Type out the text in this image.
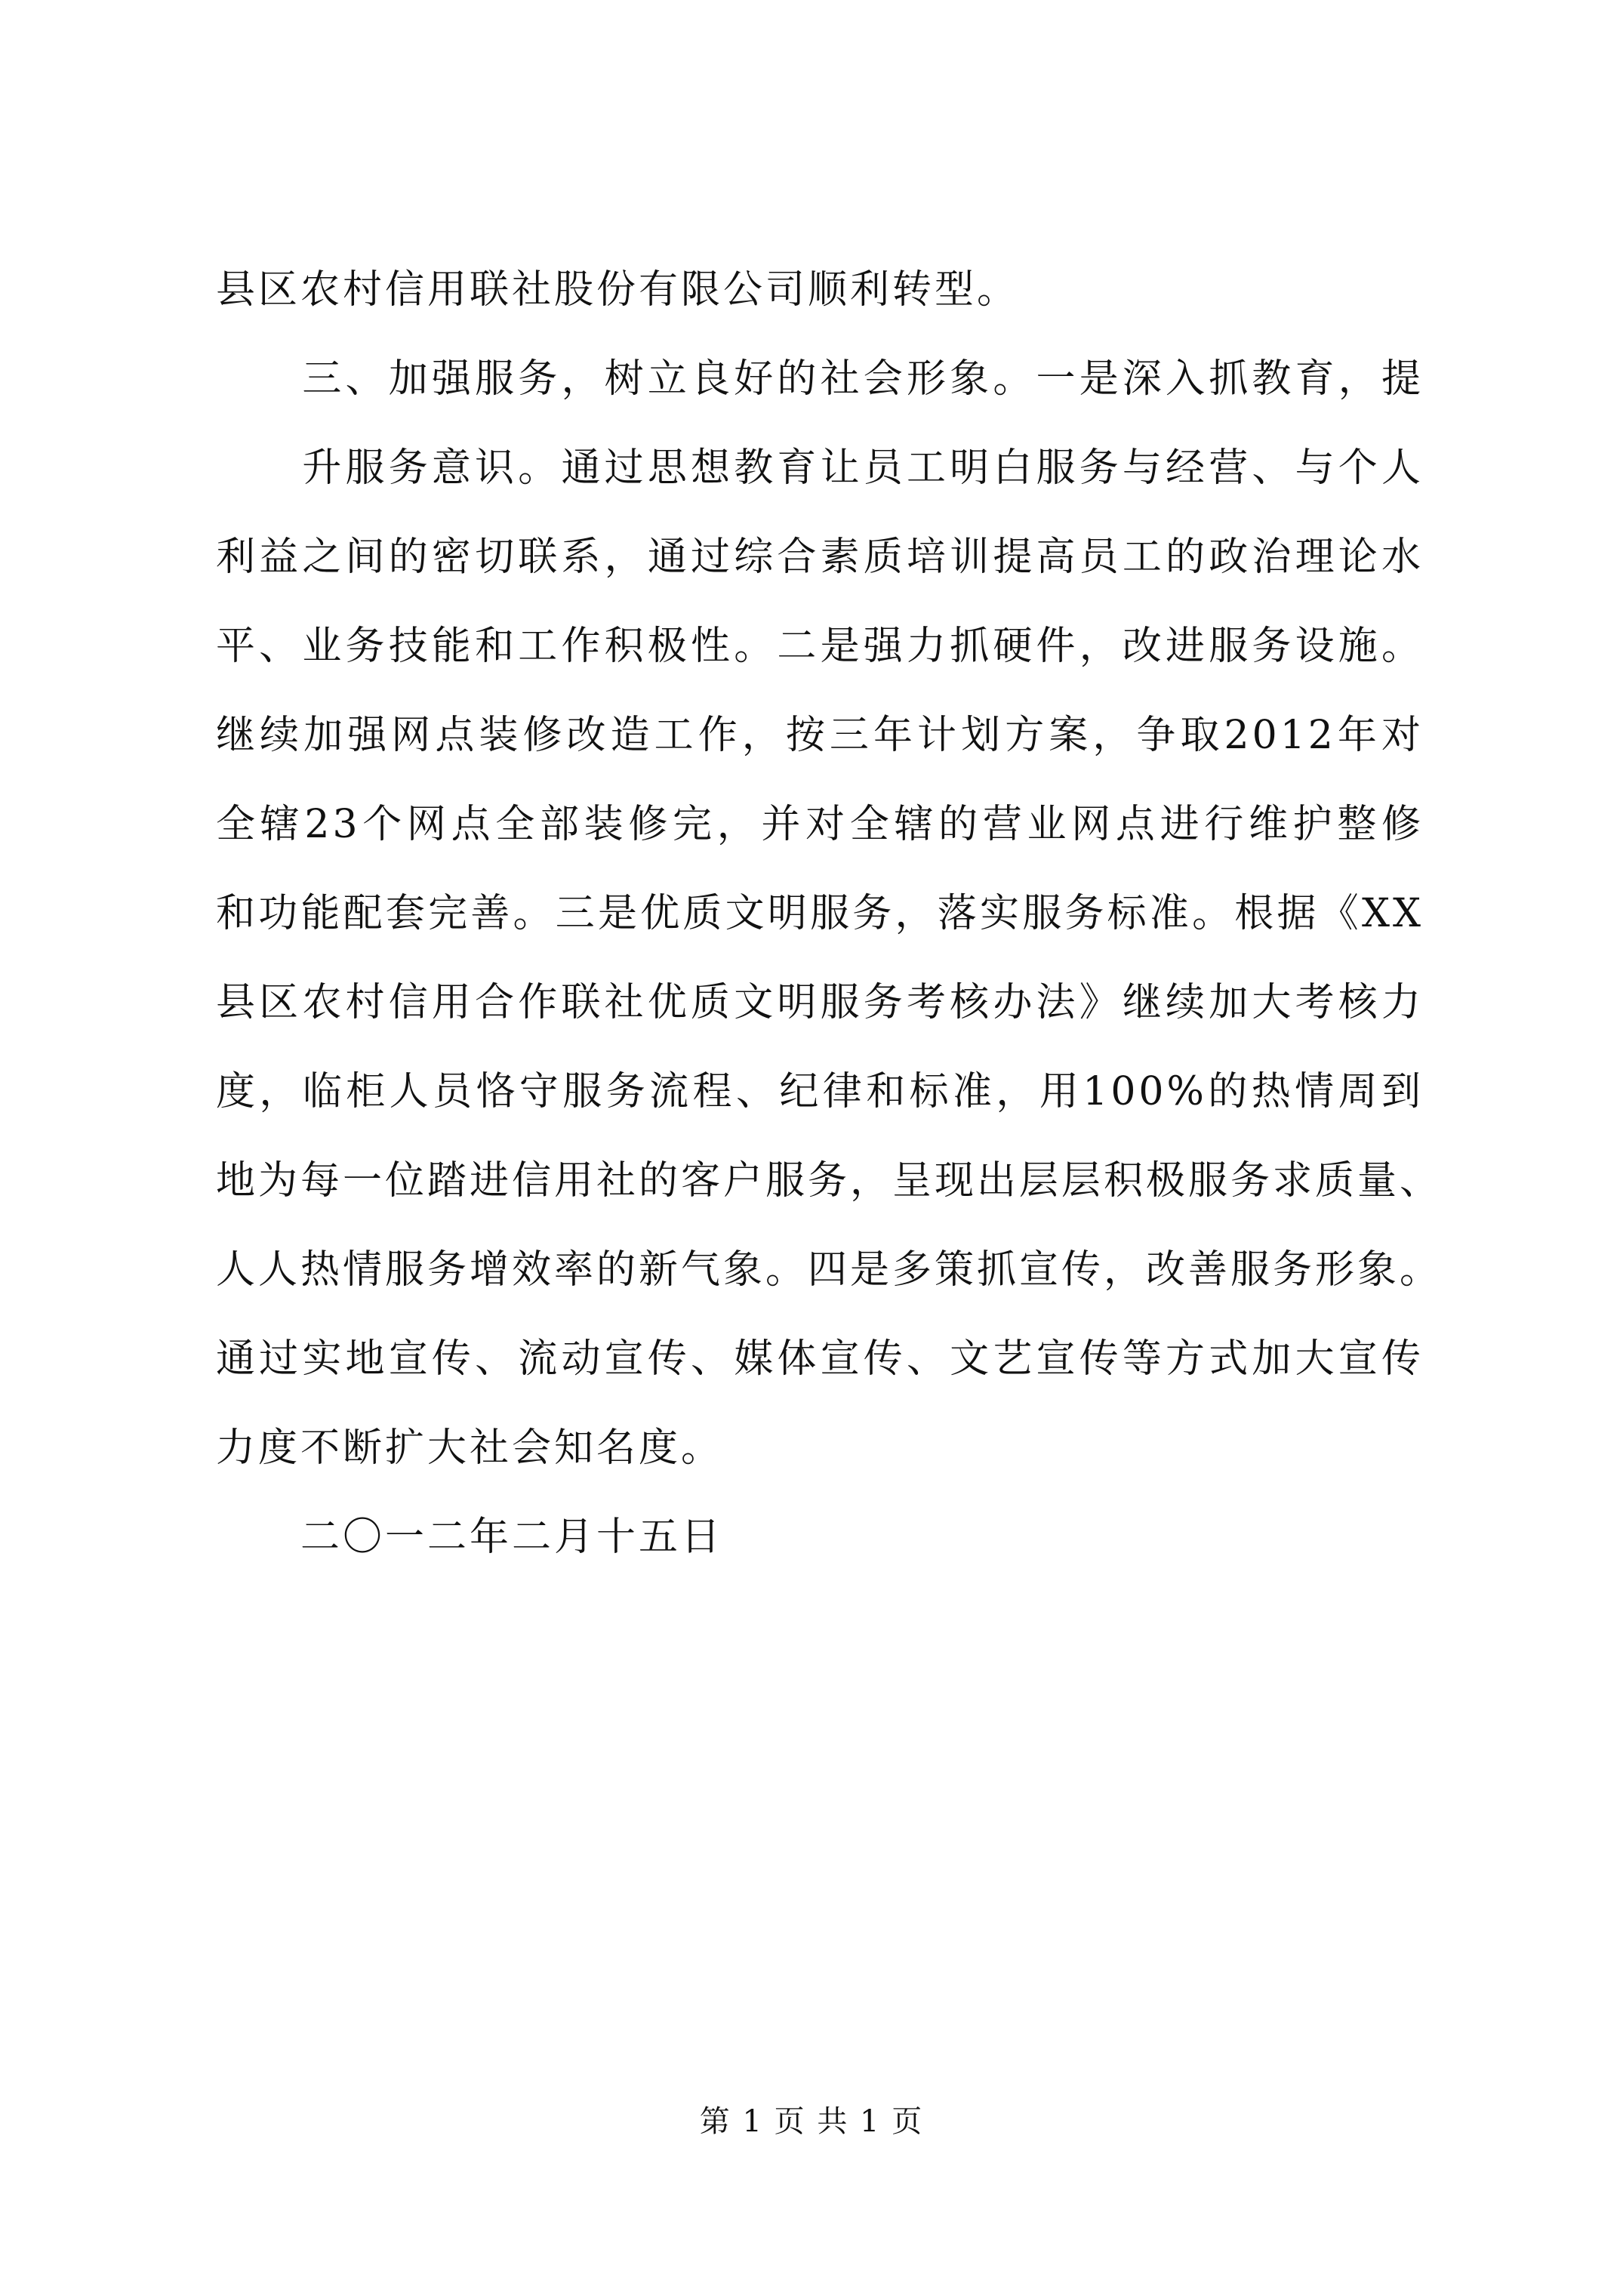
县区农村信用联社股份有限公司顺利转型。
　　三、加强服务，树立良好的社会形象。一是深入抓教育，提
　　升服务意识。通过思想教育让员工明白服务与经营、与个人
利益之间的密切联系，通过综合素质培训提高员工的政治理论水
平、业务技能和工作积极性。二是强力抓硬件，改进服务设施。
继续加强网点装修改造工作，按三年计划方案，争取2012年对
全辖23个网点全部装修完，并对全辖的营业网点进行维护整修
和功能配套完善。三是优质文明服务，落实服务标准。根据《XX
县区农村信用合作联社优质文明服务考核办法》继续加大考核力
度，临柜人员恪守服务流程、纪律和标准，用100%的热情周到
地为每一位踏进信用社的客户服务，呈现出层层积极服务求质量、
人人热情服务增效率的新气象。四是多策抓宣传，改善服务形象。
通过实地宣传、流动宣传、媒体宣传、文艺宣传等方式加大宣传
力度不断扩大社会知名度。
　　二〇一二年二月十五日
第 1 页 共 1 页
